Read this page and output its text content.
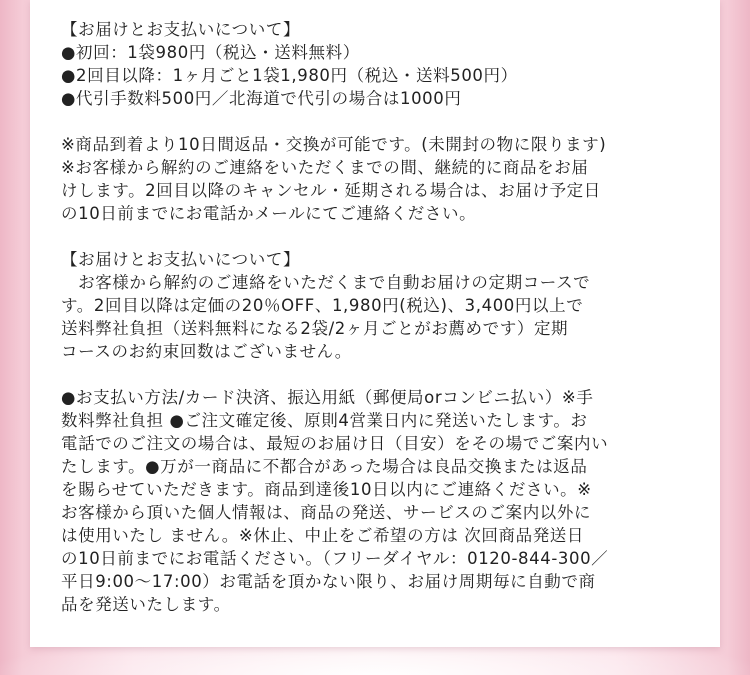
【お届けとお支払いについて】
●初回：1袋980円（税込・送料無料）
●2回目以降：1ヶ月ごと1袋1,980円（税込・送料500円）
●代引手数料500円／北海道で代引の場合は1000円
※商品到着より10日間返品・交換が可能です。(未開封の物に限ります)
※お客様から解約のご連絡をいただくまでの間、継続的に商品をお届
けします。2回目以降のキャンセル・延期される場合は、お届け予定日
の10日前までにお電話かメールにてご連絡ください。
【お届けとお支払いについて】
　お客様から解約のご連絡をいただくまで自動お届けの定期コースで
す。2回目以降は定価の20％OFF、1,980円(税込)、3,400円以上で
送料弊社負担（送料無料になる2袋/2ヶ月ごとがお薦めです）定期
コースのお約束回数はございません。
●お支払い方法/カード決済、振込用紙（郵便局orコンビニ払い）※手
数料弊社負担 ●ご注文確定後、原則4営業日内に発送いたします。お
電話でのご注文の場合は、最短のお届け日（目安）をその場でご案内い
たします。●万が一商品に不都合があった場合は良品交換または返品
を賜らせていただきます。商品到達後10日以内にご連絡ください。※
お客様から頂いた個人情報は、商品の発送、サービスのご案内以外に
は使用いたし ません。※休止、中止をご希望の方は 次回商品発送日
の10日前までにお電話ください。（フリーダイヤル：0120-844-300／
平日9:00〜17:00）お電話を頂かない限り、お届け周期毎に自動で商
品を発送いたします。
